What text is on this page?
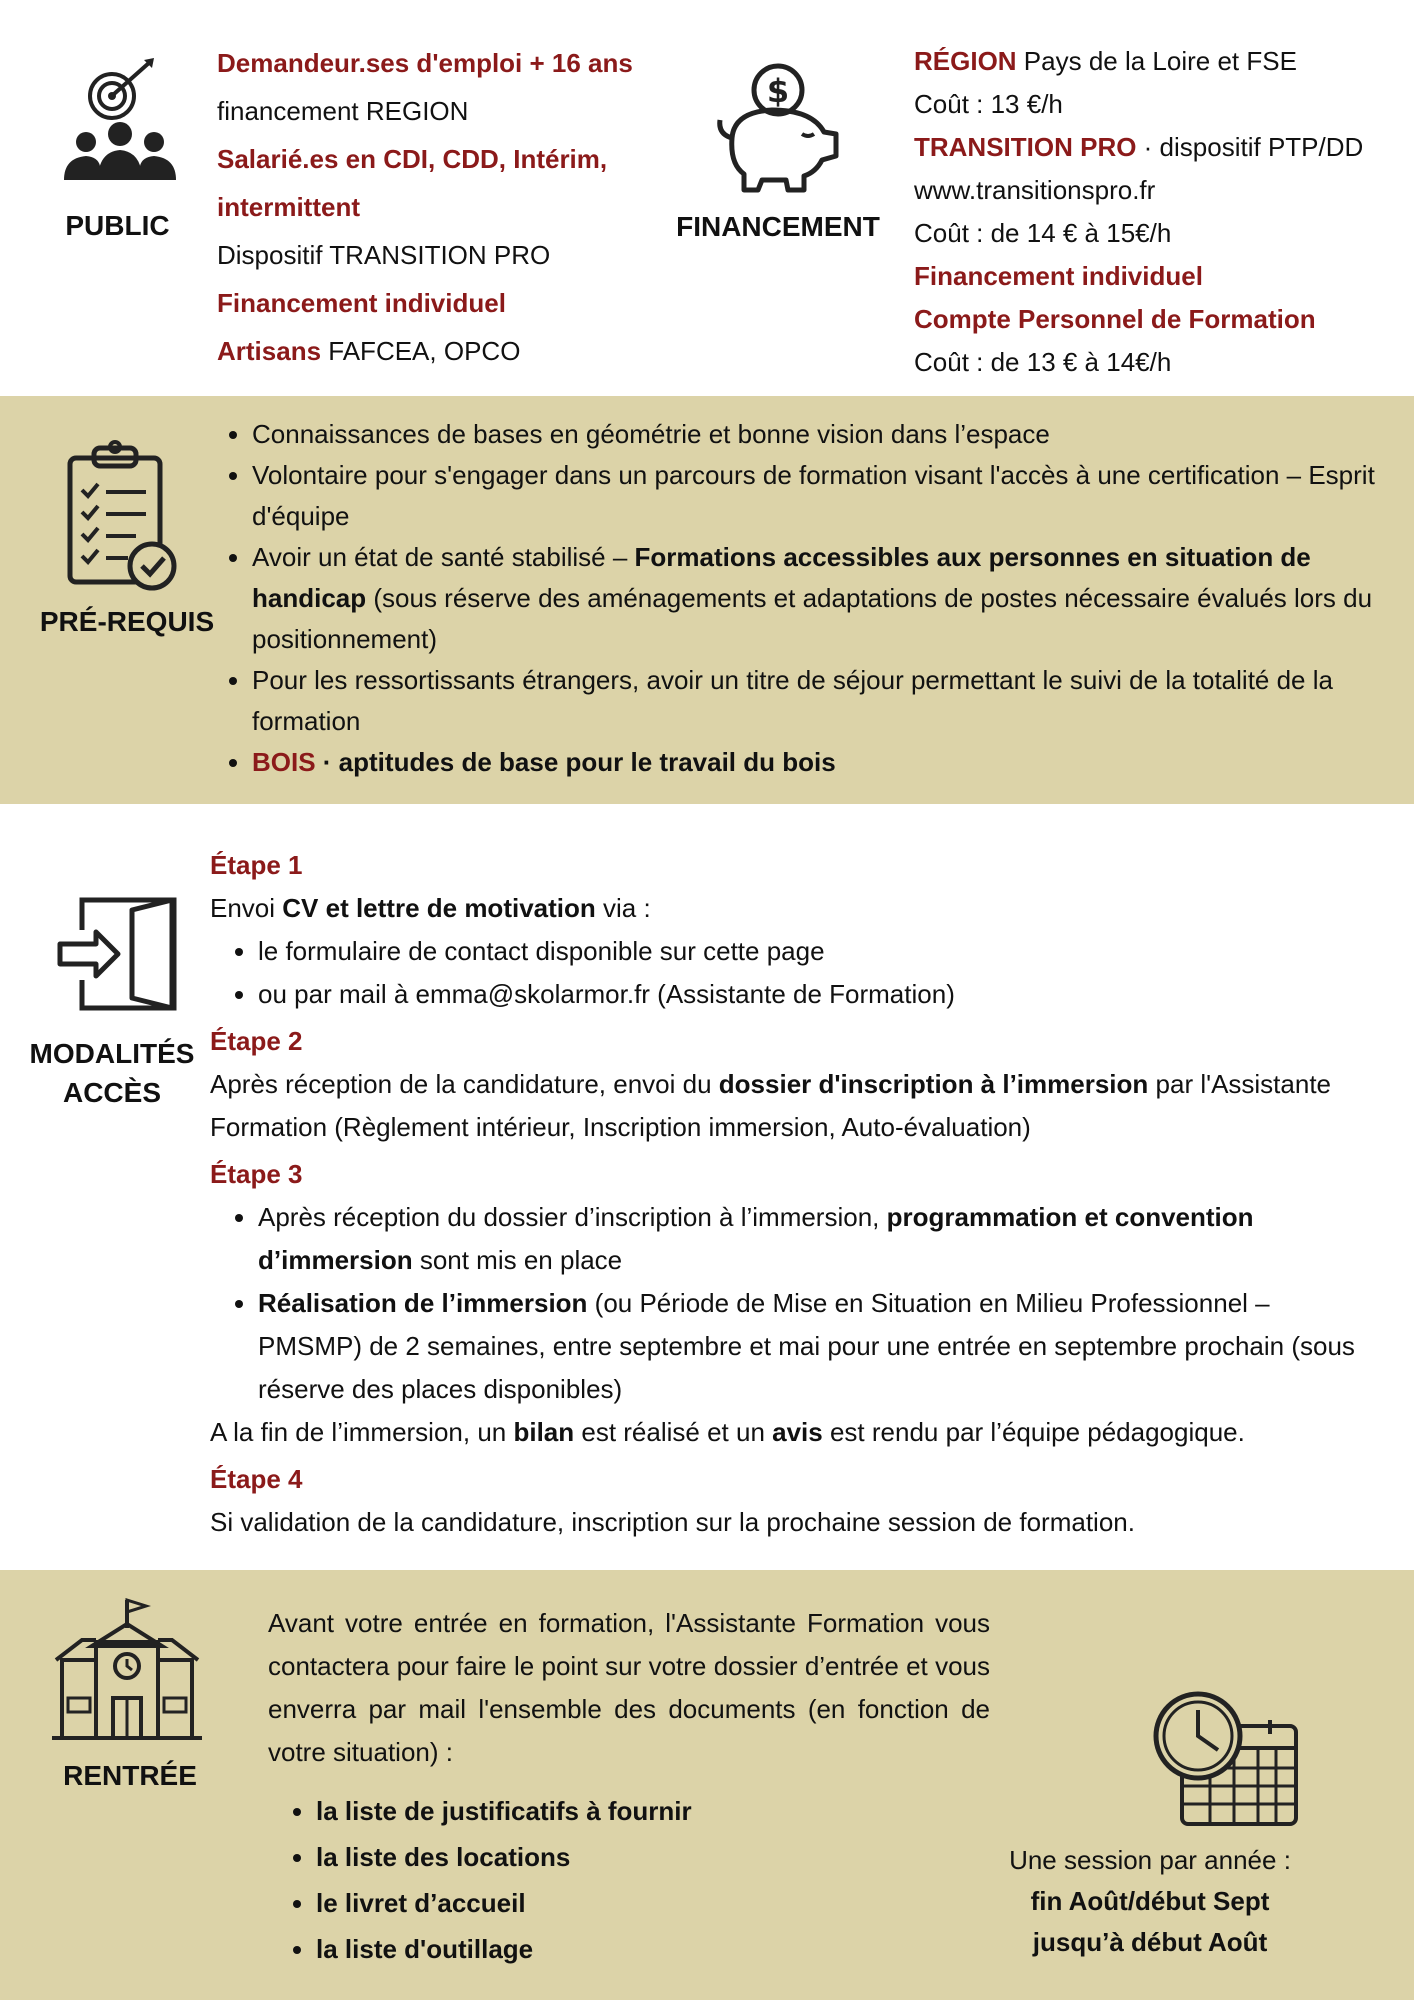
PUBLIC
Demandeur.ses d'emploi + 16 ans
financement REGION
Salarié.es en CDI, CDD, Intérim,
intermittent
Dispositif TRANSITION PRO
Financement individuel
Artisans FAFCEA, OPCO
$
FINANCEMENT
RÉGION Pays de la Loire et FSE
Coût : 13 €/h
TRANSITION PRO · dispositif PTP/DD
www.transitionspro.fr
Coût : de 14 € à 15€/h
Financement individuel
Compte Personnel de Formation
Coût : de 13 € à 14€/h
PRÉ-REQUIS
• Connaissances de bases en géométrie et bonne vision dans l’espace
• Volontaire pour s'engager dans un parcours de formation visant l'accès à une certification – Esprit d'équipe
• Avoir un état de santé stabilisé – Formations accessibles aux personnes en situation de handicap (sous réserve des aménagements et adaptations de postes nécessaire évalués lors du positionnement)
• Pour les ressortissants étrangers, avoir un titre de séjour permettant le suivi de la totalité de la formation
• BOIS · aptitudes de base pour le travail du bois
MODALITÉS
ACCÈS
Étape 1
Envoi CV et lettre de motivation via :
• le formulaire de contact disponible sur cette page
• ou par mail à emma@skolarmor.fr (Assistante de Formation)
Étape 2
Après réception de la candidature, envoi du dossier d'inscription à l’immersion par l'Assistante Formation (Règlement intérieur, Inscription immersion, Auto-évaluation)
Étape 3
• Après réception du dossier d’inscription à l’immersion, programmation et convention d’immersion sont mis en place
• Réalisation de l’immersion (ou Période de Mise en Situation en Milieu Professionnel – PMSMP) de 2 semaines, entre septembre et mai pour une entrée en septembre prochain (sous réserve des places disponibles)
A la fin de l’immersion, un bilan est réalisé et un avis est rendu par l’équipe pédagogique.
Étape 4
Si validation de la candidature, inscription sur la prochaine session de formation.
RENTRÉE
Avant votre entrée en formation, l'Assistante Formation vous contactera pour faire le point sur votre dossier d’entrée et vous enverra par mail l'ensemble des documents (en fonction de votre situation) :
• la liste de justificatifs à fournir
• la liste des locations
• le livret d’accueil
• la liste d'outillage
Une session par année :
fin Août/début Sept
jusqu’à début Août
